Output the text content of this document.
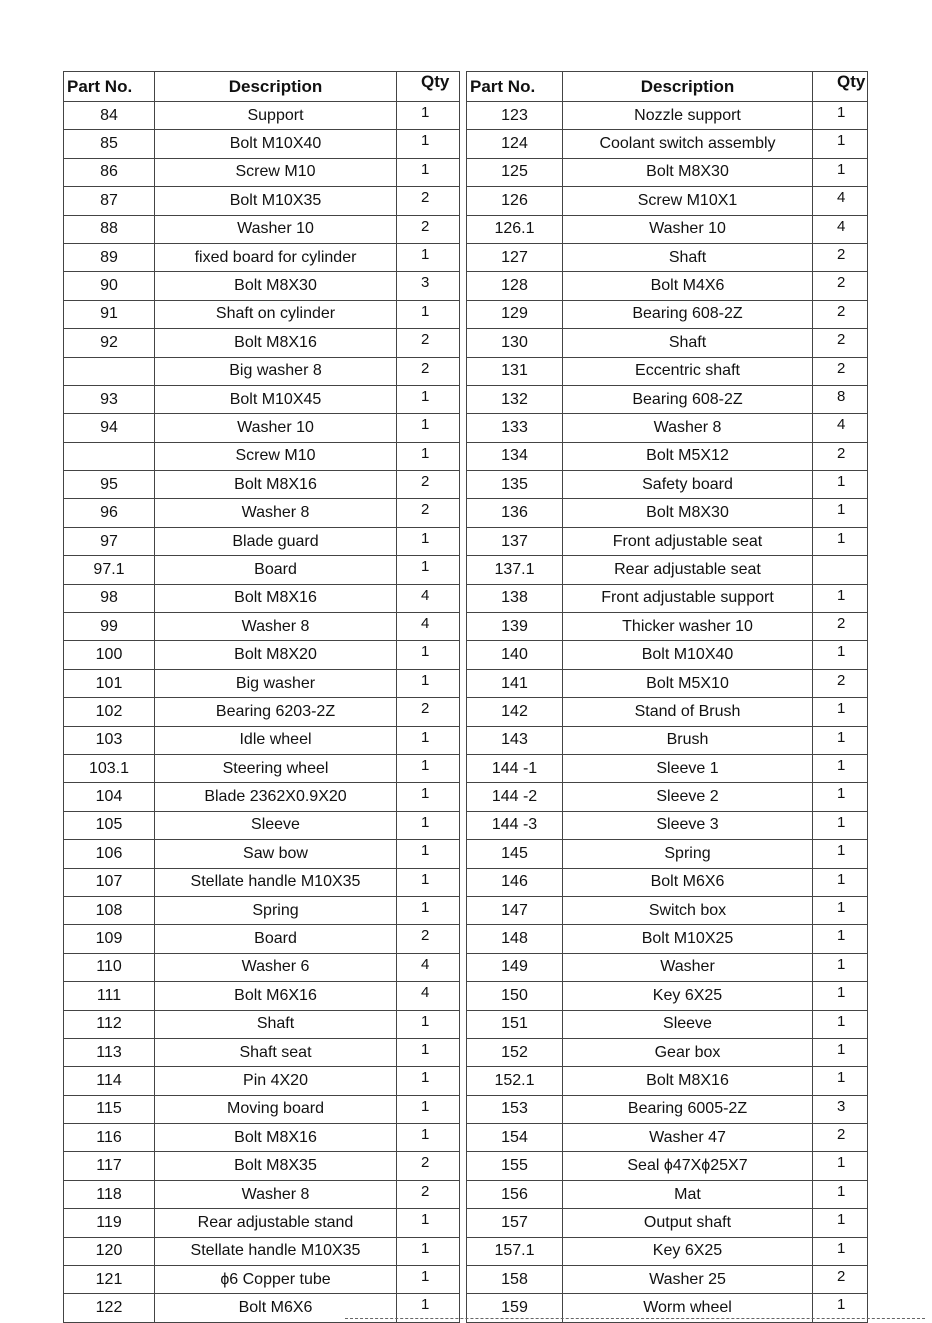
Part No.	Description	Qty
84	Support	1
85	Bolt M10X40	1
86	Screw M10	1
87	Bolt M10X35	2
88	Washer 10	2
89	fixed board for cylinder	1
90	Bolt M8X30	3
91	Shaft on cylinder	1
92	Bolt M8X16	2
	Big washer 8	2
93	Bolt M10X45	1
94	Washer 10	1
	Screw M10	1
95	Bolt M8X16	2
96	Washer 8	2
97	Blade guard	1
97.1	Board	1
98	Bolt M8X16	4
99	Washer 8	4
100	Bolt M8X20	1
101	Big washer	1
102	Bearing 6203-2Z	2
103	Idle wheel	1
103.1	Steering wheel	1
104	Blade 2362X0.9X20	1
105	Sleeve	1
106	Saw bow	1
107	Stellate handle M10X35	1
108	Spring	1
109	Board	2
110	Washer 6	4
111	Bolt M6X16	4
112	Shaft	1
113	Shaft seat	1
114	Pin 4X20	1
115	Moving board	1
116	Bolt M8X16	1
117	Bolt M8X35	2
118	Washer 8	2
119	Rear adjustable stand	1
120	Stellate handle M10X35	1
121	ϕ6 Copper tube	1
122	Bolt M6X6	1
Part No.	Description	Qty
123	Nozzle support	1
124	Coolant switch assembly	1
125	Bolt M8X30	1
126	Screw M10X1	4
126.1	Washer 10	4
127	Shaft	2
128	Bolt M4X6	2
129	Bearing 608-2Z	2
130	Shaft	2
131	Eccentric shaft	2
132	Bearing 608-2Z	8
133	Washer 8	4
134	Bolt M5X12	2
135	Safety board	1
136	Bolt M8X30	1
137	Front adjustable seat	1
137.1	Rear adjustable seat	
138	Front adjustable support	1
139	Thicker washer 10	2
140	Bolt M10X40	1
141	Bolt M5X10	2
142	Stand of Brush	1
143	Brush	1
144 -1	Sleeve 1	1
144 -2	Sleeve 2	1
144 -3	Sleeve 3	1
145	Spring	1
146	Bolt M6X6	1
147	Switch box	1
148	Bolt M10X25	1
149	Washer	1
150	Key 6X25	1
151	Sleeve	1
152	Gear box	1
152.1	Bolt M8X16	1
153	Bearing 6005-2Z	3
154	Washer 47	2
155	Seal ϕ47Xϕ25X7	1
156	Mat	1
157	Output shaft	1
157.1	Key 6X25	1
158	Washer 25	2
159	Worm wheel	1
